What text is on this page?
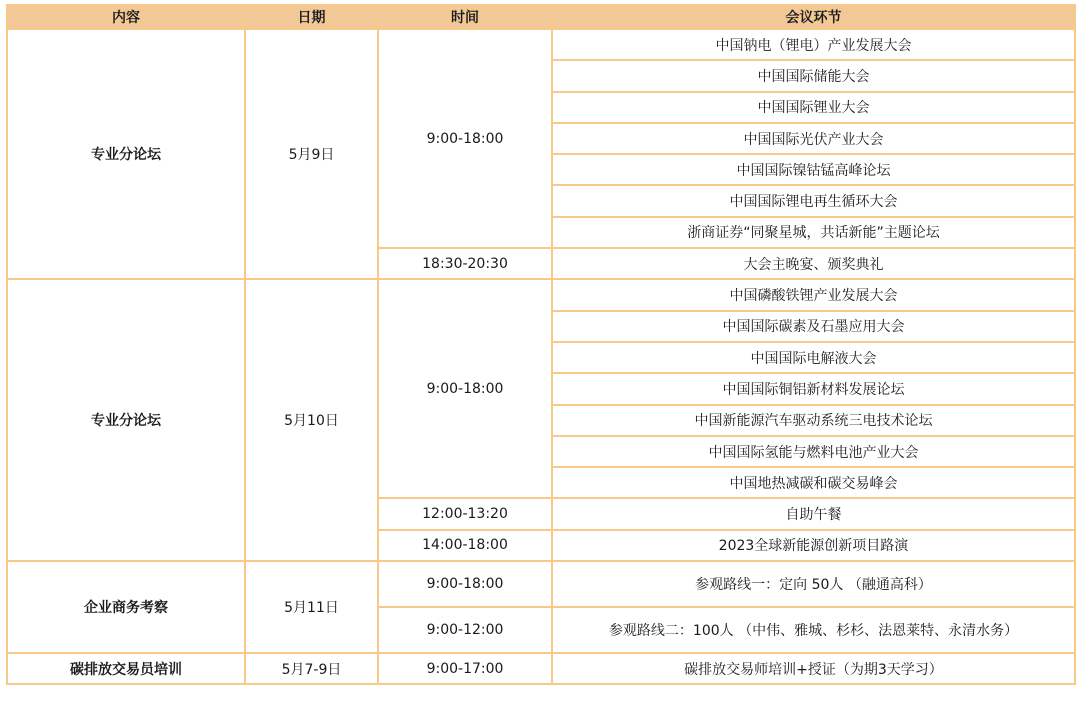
内容	日期	时间	会议环节
专业分论坛	5月9日	9:00-18:00	中国钠电（锂电）产业发展大会
			中国国际储能大会
			中国国际锂业大会
			中国国际光伏产业大会
			中国国际镍钴锰高峰论坛
			中国国际锂电再生循环大会
			浙商证券“同聚星城，共话新能”主题论坛
		18:30-20:30	大会主晚宴、颁奖典礼
专业分论坛	5月10日	9:00-18:00	中国磷酸铁锂产业发展大会
			中国国际碳素及石墨应用大会
			中国国际电解液大会
			中国国际铜铝新材料发展论坛
			中国新能源汽车驱动系统三电技术论坛
			中国国际氢能与燃料电池产业大会
			中国地热减碳和碳交易峰会
		12:00-13:20	自助午餐
		14:00-18:00	2023全球新能源创新项目路演
企业商务考察	5月11日	9:00-18:00	参观路线一：定向 50人 （融通高科）
		9:00-12:00	参观路线二：100人 （中伟、雅城、杉杉、法恩莱特、永清水务）
碳排放交易员培训	5月7-9日	9:00-17:00	碳排放交易师培训+授证（为期3天学习）
